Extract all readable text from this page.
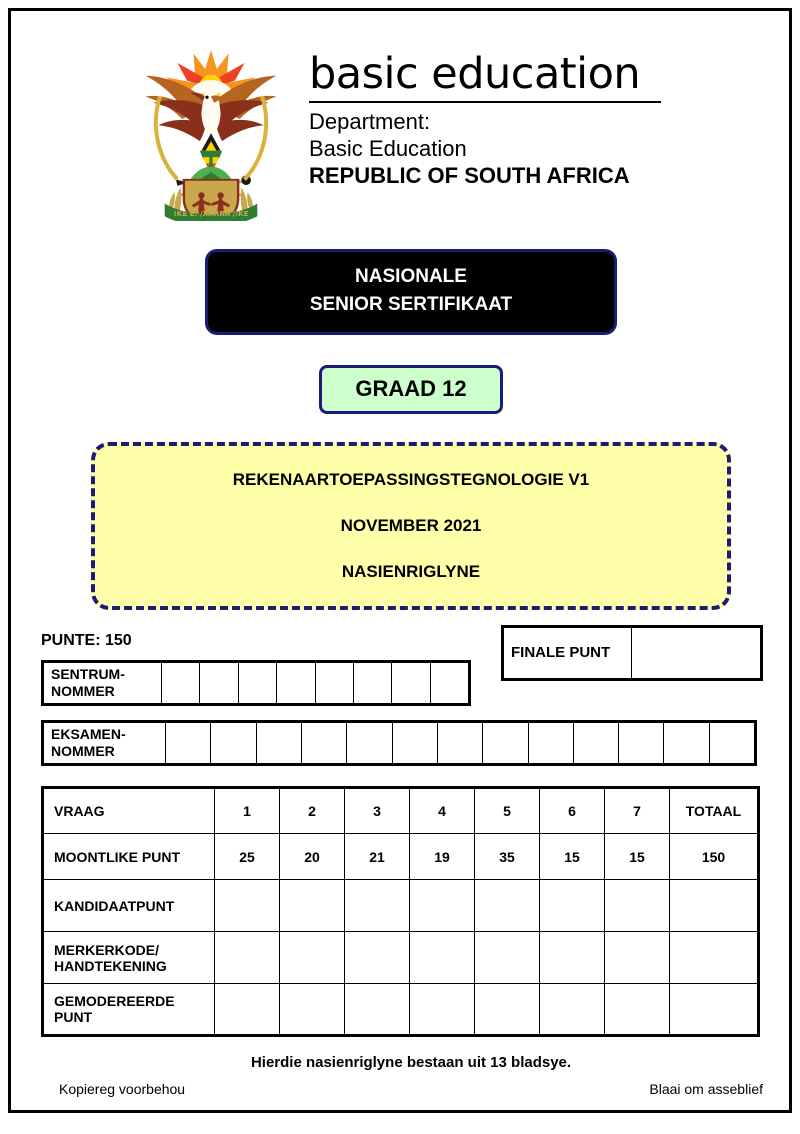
!KE E: /XARRA //KE
basic education
Department:
Basic Education
REPUBLIC OF SOUTH AFRICA
NASIONALE
SENIOR SERTIFIKAAT
GRAAD 12
REKENAARTOEPASSINGSTEGNOLOGIE V1
NOVEMBER 2021
NASIENRIGLYNE
PUNTE: 150
SENTRUM-
NOMMER
FINALE PUNT
EKSAMEN-
NOMMER
VRAAG	1	2	3	4	5	6	7	TOTAAL
MOONTLIKE PUNT	25	20	21	19	35	15	15	150
KANDIDAATPUNT								
MERKERKODE/
HANDTEKENING								
GEMODEREERDE
PUNT								
Hierdie nasienriglyne bestaan uit 13 bladsye.
Kopiereg voorbehou	Blaai om asseblief
